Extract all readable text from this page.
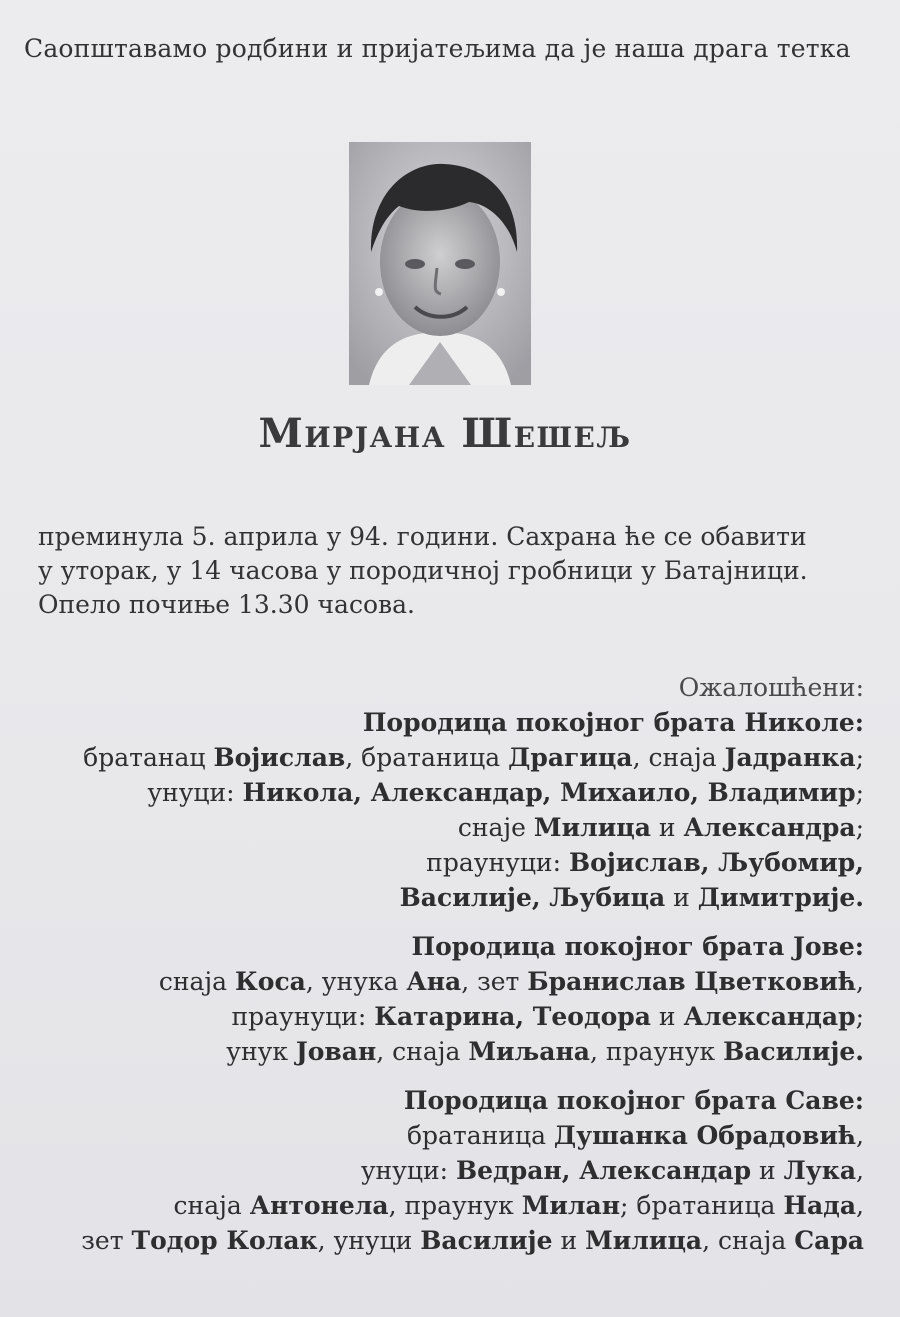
Саопштавамо родбини и пријатељима да је наша драга тетка
Мирјана Шешељ
преминула 5. априла у 94. години. Сахрана ће се обавити
у уторак, у 14 часова у породичној гробници у Батајници.
Опело почиње 13.30 часова.
Ожалошћени:
Породица покојног брата Николе:
братанац Војислав, братаница Драгица, снаја Јадранка;
унуци: Никола, Александар, Михаило, Владимир;
снаје Милица и Александра;
праунуци: Војислав, Љубомир,
Василије, Љубица и Димитрије.
Породица покојног брата Јове:
снаја Коса, унука Ана, зет Бранислав Цветковић,
праунуци: Катарина, Теодора и Александар;
унук Јован, снаја Миљана, праунук Василије.
Породица покојног брата Саве:
братаница Душанка Обрадовић,
унуци: Ведран, Александар и Лука,
снаја Антонела, праунук Милан; братаница Нада,
зет Тодор Колак, унуци Василије и Милица, снаја Сара
